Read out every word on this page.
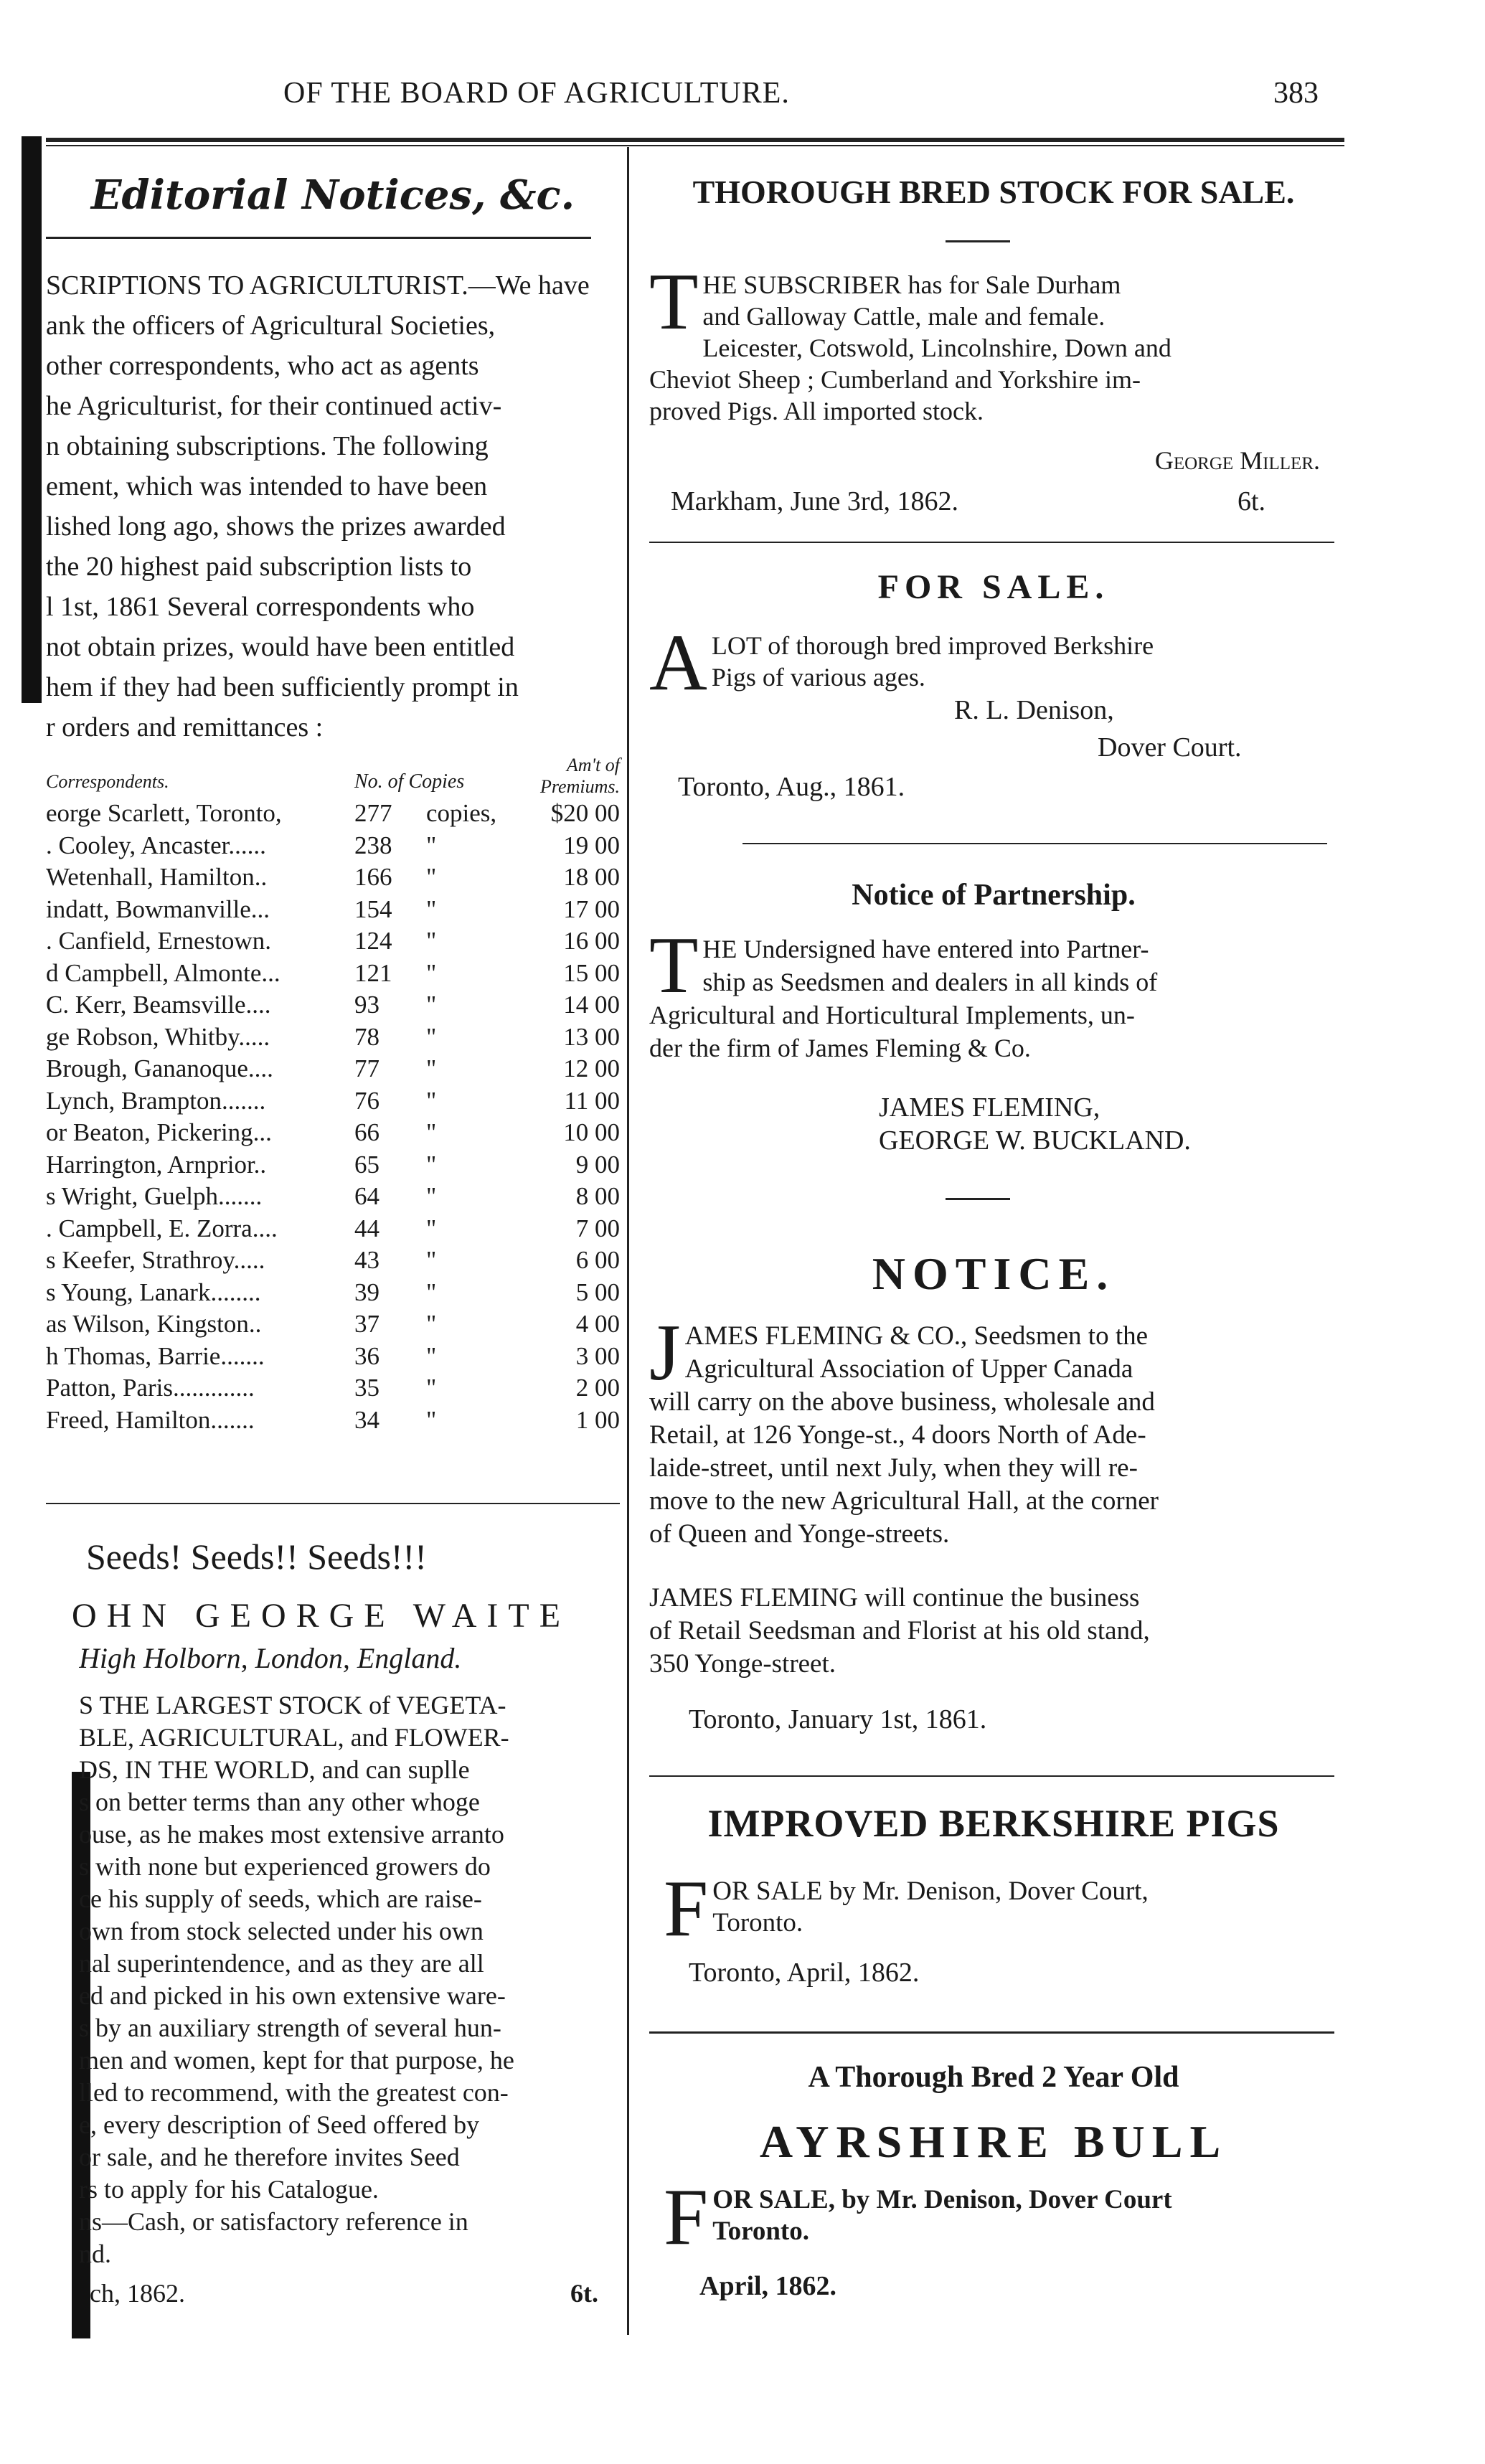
OF THE BOARD OF AGRICULTURE.	383
Editorial Notices, &c.
SCRIPTIONS TO AGRICULTURIST.—We have
ank the officers of Agricultural Societies,
other correspondents, who act as agents
he Agriculturist, for their continued activ-
n obtaining subscriptions. The following
ement, which was intended to have been
lished long ago, shows the prizes awarded
the 20 highest paid subscription lists to
l 1st, 1861 Several correspondents who
not obtain prizes, would have been entitled
hem if they had been sufficiently prompt in
r orders and remittances :
Correspondents.	No. of Copies		Am't of
Premiums.

eorge Scarlett, Toronto,	277	copies,	$20 00
. Cooley, Ancaster......	238	"	19 00
Wetenhall, Hamilton..	166	"	18 00
indatt, Bowmanville...	154	"	17 00
. Canfield, Ernestown.	124	"	16 00
d Campbell, Almonte...	121	"	15 00
C. Kerr, Beamsville....	93	"	14 00
ge Robson, Whitby.....	78	"	13 00
Brough, Gananoque....	77	"	12 00
Lynch, Brampton.......	76	"	11 00
or Beaton, Pickering...	66	"	10 00
Harrington, Arnprior..	65	"	9 00
s Wright, Guelph.......	64	"	8 00
. Campbell, E. Zorra....	44	"	7 00
s Keefer, Strathroy.....	43	"	6 00
s Young, Lanark........	39	"	5 00
as Wilson, Kingston..	37	"	4 00
h Thomas, Barrie.......	36	"	3 00
Patton, Paris.............	35	"	2 00
Freed, Hamilton.......	34	"	1 00
Seeds! Seeds!! Seeds!!!
OHN GEORGE WAITE
High Holborn, London, England.
S THE LARGEST STOCK of VEGETA-
BLE, AGRICULTURAL, and FLOWER-
DS, IN THE WORLD, and can suplle
s on better terms than any other whoge
ouse, as he makes most extensive arranto
s with none but experienced growers do
ce his supply of seeds, which are raise-
own from stock selected under his own
nal superintendence, and as they are all
ed and picked in his own extensive ware-
s by an auxiliary strength of several hun-
men and women, kept for that purpose, he
lled to recommend, with the greatest con-
e, every description of Seed offered by
or sale, and he therefore invites Seed
rs to apply for his Catalogue.
ns—Cash, or satisfactory reference in
nd.
ch, 1862.	6t.
THOROUGH BRED STOCK FOR SALE.
T HE SUBSCRIBER has for Sale Durham
and Galloway Cattle, male and female.
Leicester, Cotswold, Lincolnshire, Down and
Cheviot Sheep ; Cumberland and Yorkshire im-
proved Pigs. All imported stock.
George Miller.
Markham, June 3rd, 1862.	6t.
FOR SALE.
A LOT of thorough bred improved Berkshire
Pigs of various ages.
R. L. Denison,
Dover Court.
Toronto, Aug., 1861.
Notice of Partnership.
T HE Undersigned have entered into Partner-
ship as Seedsmen and dealers in all kinds of
Agricultural and Horticultural Implements, un-
der the firm of James Fleming & Co.
JAMES FLEMING,
GEORGE W. BUCKLAND.
NOTICE.
J AMES FLEMING & CO., Seedsmen to the
Agricultural Association of Upper Canada
will carry on the above business, wholesale and
Retail, at 126 Yonge-st., 4 doors North of Ade-
laide-street, until next July, when they will re-
move to the new Agricultural Hall, at the corner
of Queen and Yonge-streets.
JAMES FLEMING will continue the business
of Retail Seedsman and Florist at his old stand,
350 Yonge-street.
Toronto, January 1st, 1861.
IMPROVED BERKSHIRE PIGS
F OR SALE by Mr. Denison, Dover Court,
Toronto.
Toronto, April, 1862.
A Thorough Bred 2 Year Old
AYRSHIRE BULL
F OR SALE, by Mr. Denison, Dover Court
Toronto.
April, 1862.
